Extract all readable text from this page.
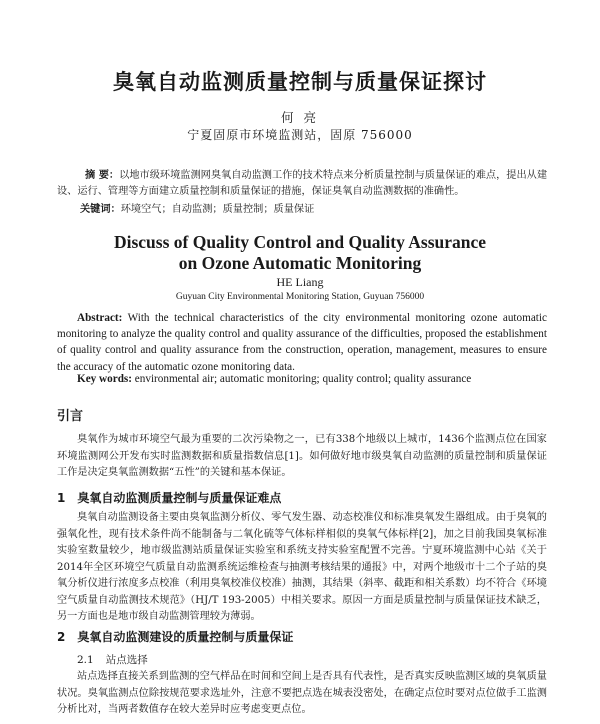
臭氧自动监测质量控制与质量保证探讨
何 亮
宁夏固原市环境监测站，固原 756000
摘 要：以地市级环境监测网臭氧自动监测工作的技术特点来分析质量控制与质量保证的难点，提出从建设、运行、管理等方面建立质量控制和质量保证的措施，保证臭氧自动监测数据的准确性。
关键词：环境空气；自动监测；质量控制；质量保证
Discuss of Quality Control and Quality Assurance
on Ozone Automatic Monitoring
HE Liang
Guyuan City Environmental Monitoring Station, Guyuan 756000
Abstract: With the technical characteristics of the city environmental monitoring ozone automatic monitoring to analyze the quality control and quality assurance of the difficulties, proposed the establishment of quality control and quality assurance from the construction, operation, management, measures to ensure the accuracy of the automatic ozone monitoring data.
Key words: environmental air; automatic monitoring; quality control; quality assurance
引言
臭氧作为城市环境空气最为重要的二次污染物之一，已有338个地级以上城市，1436个监测点位在国家环境监测网公开发布实时监测数据和质量指数信息[1]。如何做好地市级臭氧自动监测的质量控制和质量保证工作是决定臭氧监测数据“五性”的关键和基本保证。
1 臭氧自动监测质量控制与质量保证难点
臭氧自动监测设备主要由臭氧监测分析仪、零气发生器、动态校准仪和标准臭氧发生器组成。由于臭氧的强氧化性，现有技术条件尚不能制备与二氧化硫等气体标样相似的臭氧气体标样[2]，加之目前我国臭氧标准实验室数量较少，地市级监测站质量保证实验室和系统支持实验室配置不完善。宁夏环境监测中心站《关于2014年全区环境空气质量自动监测系统运维检查与抽测考核结果的通报》中，对两个地级市十二个子站的臭氧分析仪进行浓度多点校准（利用臭氧校准仪校准）抽测，其结果（斜率、截距和相关系数）均不符合《环境空气质量自动监测技术规范》（HJ/T 193-2005）中相关要求。原因一方面是质量控制与质量保证技术缺乏，另一方面也是地市级自动监测管理较为薄弱。
2 臭氧自动监测建设的质量控制与质量保证
2.1 站点选择
站点选择直接关系到监测的空气样品在时间和空间上是否具有代表性，是否真实反映监测区域的臭氧质量状况。臭氧监测点位除按规范要求选址外，注意不要把点选在城表没密处，在确定点位时要对点位做手工监测分析比对，当两者数值存在较大差异时应考虑变更点位。
